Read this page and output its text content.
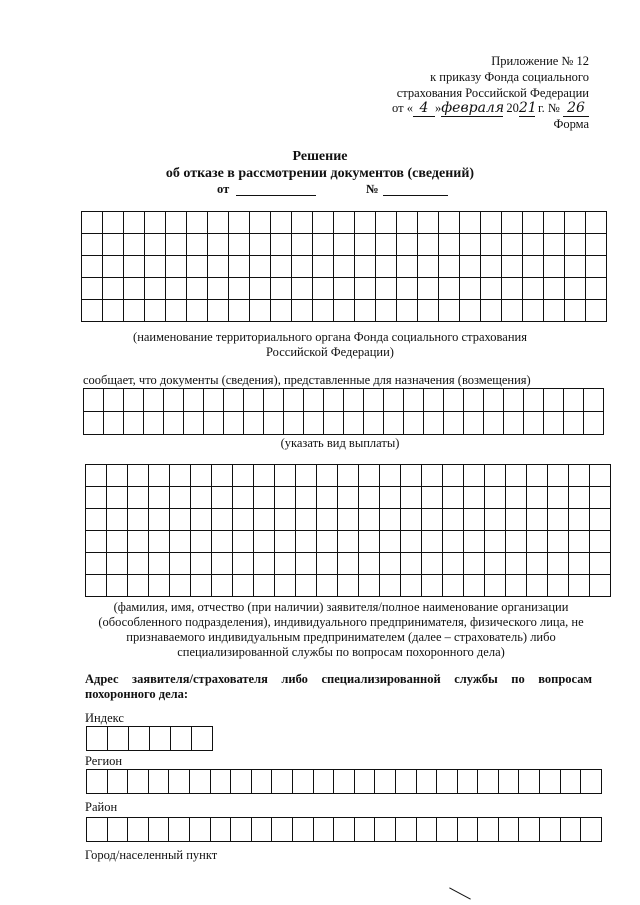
Приложение № 12
к приказу Фонда социального
страхования Российской Федерации
от « 4 »февраля 2021 г. № 26
Форма
Решение
об отказе в рассмотрении документов (сведений)
от	№

(наименование территориального органа Фонда социального страхования Российской Федерации)
сообщает, что документы (сведения), представленные для назначения (возмещения)

(указать вид выплаты)

(фамилия, имя, отчество (при наличии) заявителя/полное наименование организации (обособленного подразделения), индивидуального предпринимателя, физического лица, не признаваемого индивидуальным предпринимателем (далее – страхователь) либо специализированной службы по вопросам похоронного дела)
Адрес заявителя/страхователя либо специализированной службы по вопросам похоронного дела:
Индекс

Регион

Район

Город/населенный пункт
